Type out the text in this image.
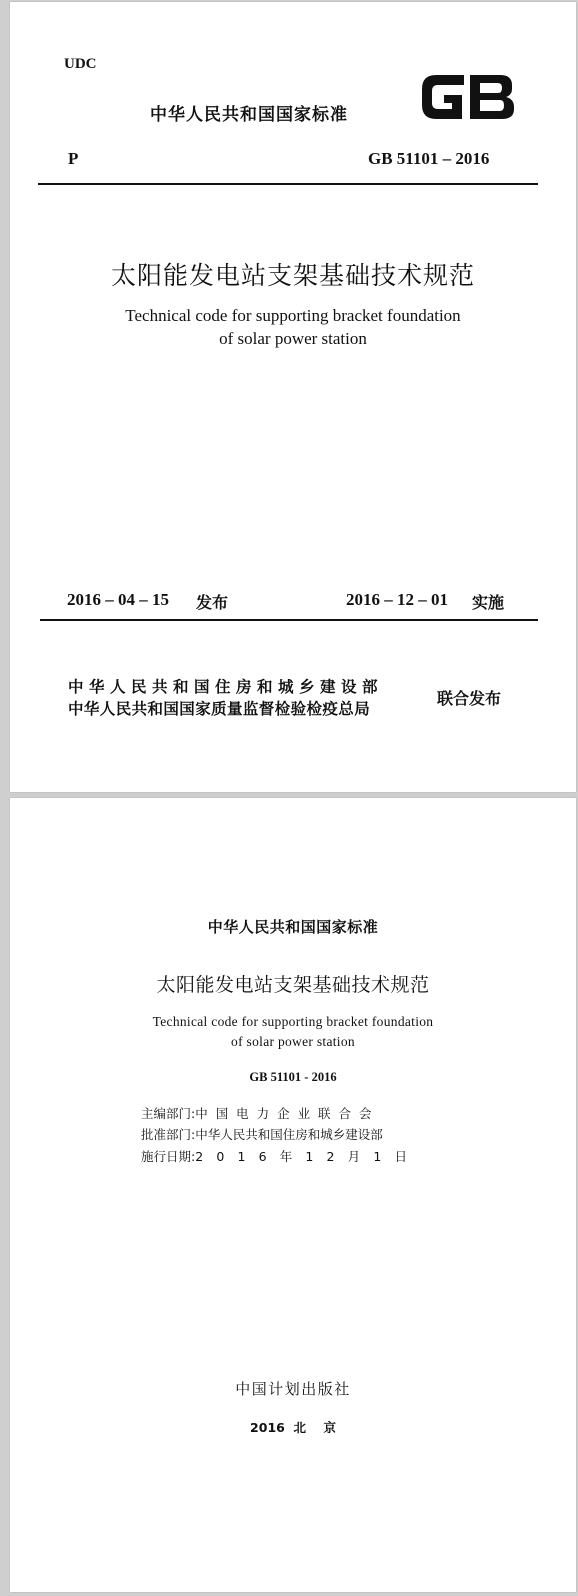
UDC
中华人民共和国国家标准	GB
P	GB 51101 – 2016
太阳能发电站支架基础技术规范
Technical code for supporting bracket foundation
of solar power station
2016 – 04 – 15 发布	2016 – 12 – 01 实施
中华人民共和国住房和城乡建设部
中华人民共和国国家质量监督检验检疫总局
联合发布
中华人民共和国国家标准
太阳能发电站支架基础技术规范
Technical code for supporting bracket foundation
of solar power station
GB 51101 - 2016
主编部门:中 国 电 力 企 业 联 合 会
批准部门:中华人民共和国住房和城乡建设部
施行日期:2 0 1 6 年 1 2 月 1 日
中国计划出版社
2016  北    京
